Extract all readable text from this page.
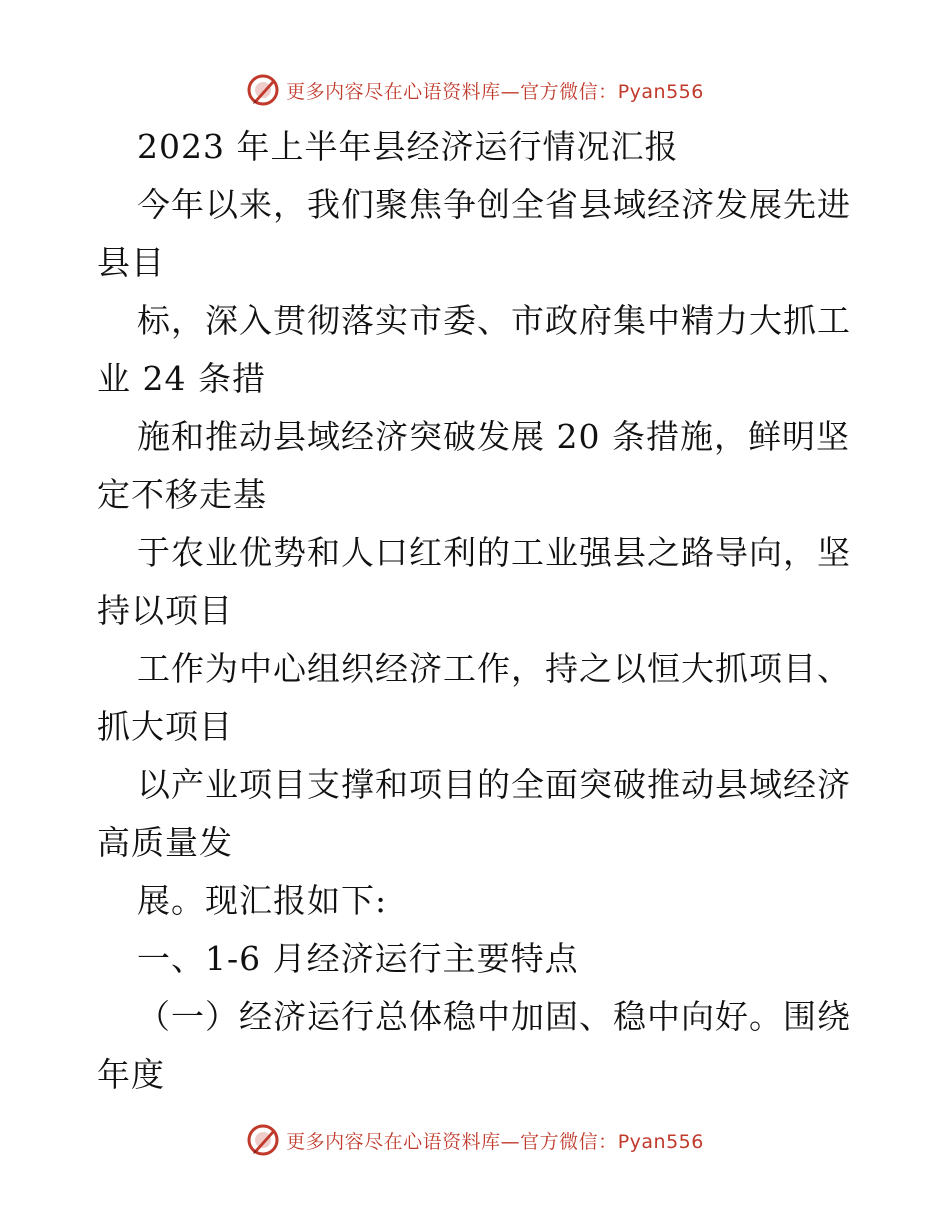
更多内容尽在心语资料库—官方微信：Pyan556
2023 年上半年县经济运行情况汇报
今年以来，我们聚焦争创全省县域经济发展先进
县目
标，深入贯彻落实市委、市政府集中精力大抓工
业 24 条措
施和推动县域经济突破发展 20 条措施，鲜明坚
定不移走基
于农业优势和人口红利的工业强县之路导向，坚
持以项目
工作为中心组织经济工作，持之以恒大抓项目、
抓大项目
以产业项目支撑和项目的全面突破推动县域经济
高质量发
展。现汇报如下:
一、1-6 月经济运行主要特点
（一）经济运行总体稳中加固、稳中向好。围绕
年度
更多内容尽在心语资料库—官方微信：Pyan556
